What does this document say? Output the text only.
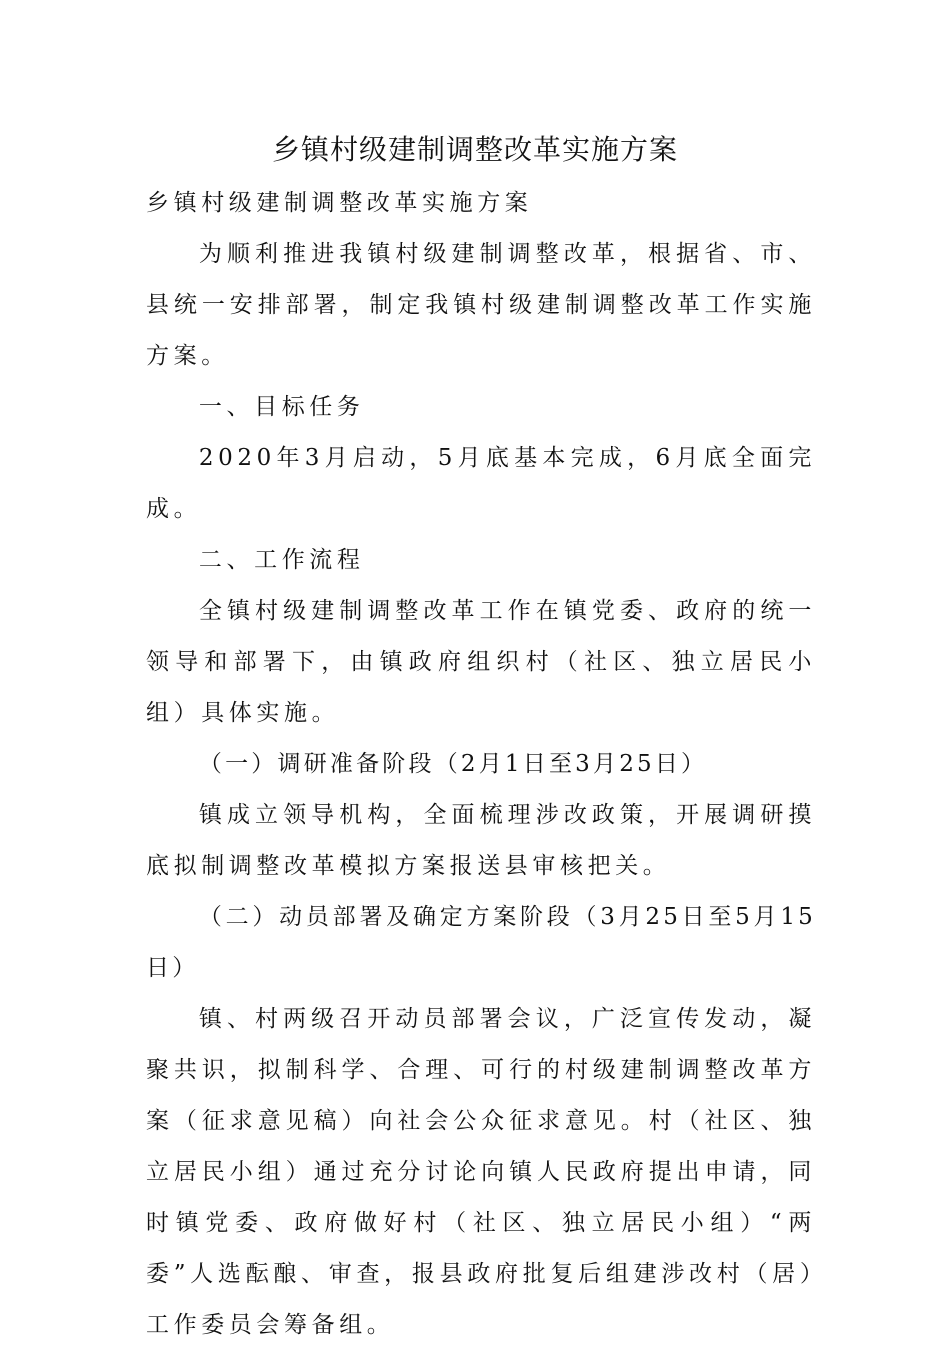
乡镇村级建制调整改革实施方案

乡镇村级建制调整改革实施方案

为顺利推进我镇村级建制调整改革，根据省、市、县统一安排部署，制定我镇村级建制调整改革工作实施方案。

一、目标任务

2020年3月启动，5月底基本完成，6月底全面完成。

二、工作流程

全镇村级建制调整改革工作在镇党委、政府的统一领导和部署下，由镇政府组织村（社区、独立居民小组）具体实施。

（一）调研准备阶段（2月1日至3月25日）

镇成立领导机构，全面梳理涉改政策，开展调研摸底拟制调整改革模拟方案报送县审核把关。

（二）动员部署及确定方案阶段（3月25日至5月15日）

镇、村两级召开动员部署会议，广泛宣传发动，凝聚共识，拟制科学、合理、可行的村级建制调整改革方案（征求意见稿）向社会公众征求意见。村（社区、独立居民小组）通过充分讨论向镇人民政府提出申请，同时镇党委、政府做好村（社区、独立居民小组）“两委”人选酝酿、审查，报县政府批复后组建涉改村（居）工作委员会筹备组。
